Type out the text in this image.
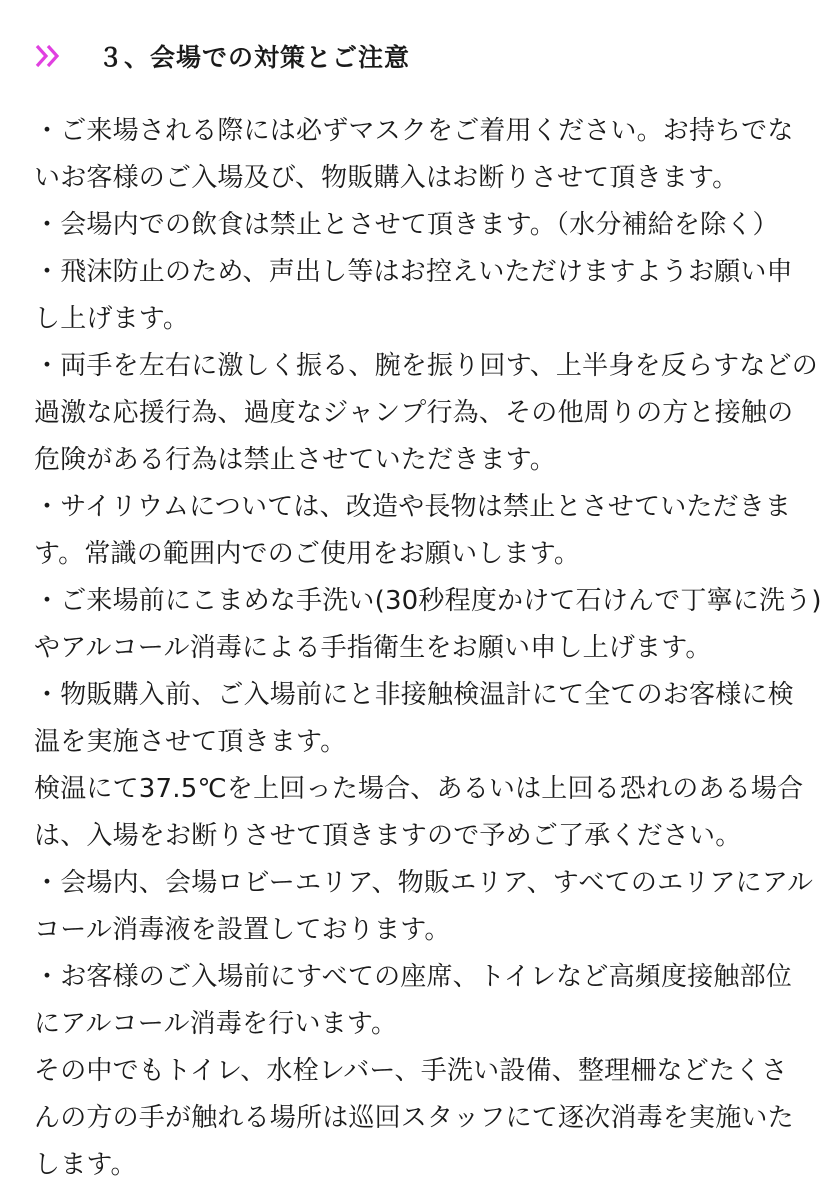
３、会場での対策とご注意
・ご来場される際には必ずマスクをご着用ください。お持ちでな
いお客様のご入場及び、物販購入はお断りさせて頂きます。
・会場内での飲食は禁止とさせて頂きます。（水分補給を除く）
・飛沫防止のため、声出し等はお控えいただけますようお願い申
し上げます。
・両手を左右に激しく振る、腕を振り回す、上半身を反らすなどの
過激な応援行為、過度なジャンプ行為、その他周りの方と接触の
危険がある行為は禁止させていただきます。
・サイリウムについては、改造や長物は禁止とさせていただきま
す。常識の範囲内でのご使用をお願いします。
・ご来場前にこまめな手洗い(30秒程度かけて石けんで丁寧に洗う)
やアルコール消毒による手指衛生をお願い申し上げます。
・物販購入前、ご入場前にと非接触検温計にて全てのお客様に検
温を実施させて頂きます。
検温にて37.5℃を上回った場合、あるいは上回る恐れのある場合
は、入場をお断りさせて頂きますので予めご了承ください。
・会場内、会場ロビーエリア、物販エリア、すべてのエリアにアル
コール消毒液を設置しております。
・お客様のご入場前にすべての座席、トイレなど高頻度接触部位
にアルコール消毒を行います。
その中でもトイレ、水栓レバー、手洗い設備、整理柵などたくさ
んの方の手が触れる場所は巡回スタッフにて逐次消毒を実施いた
します。
